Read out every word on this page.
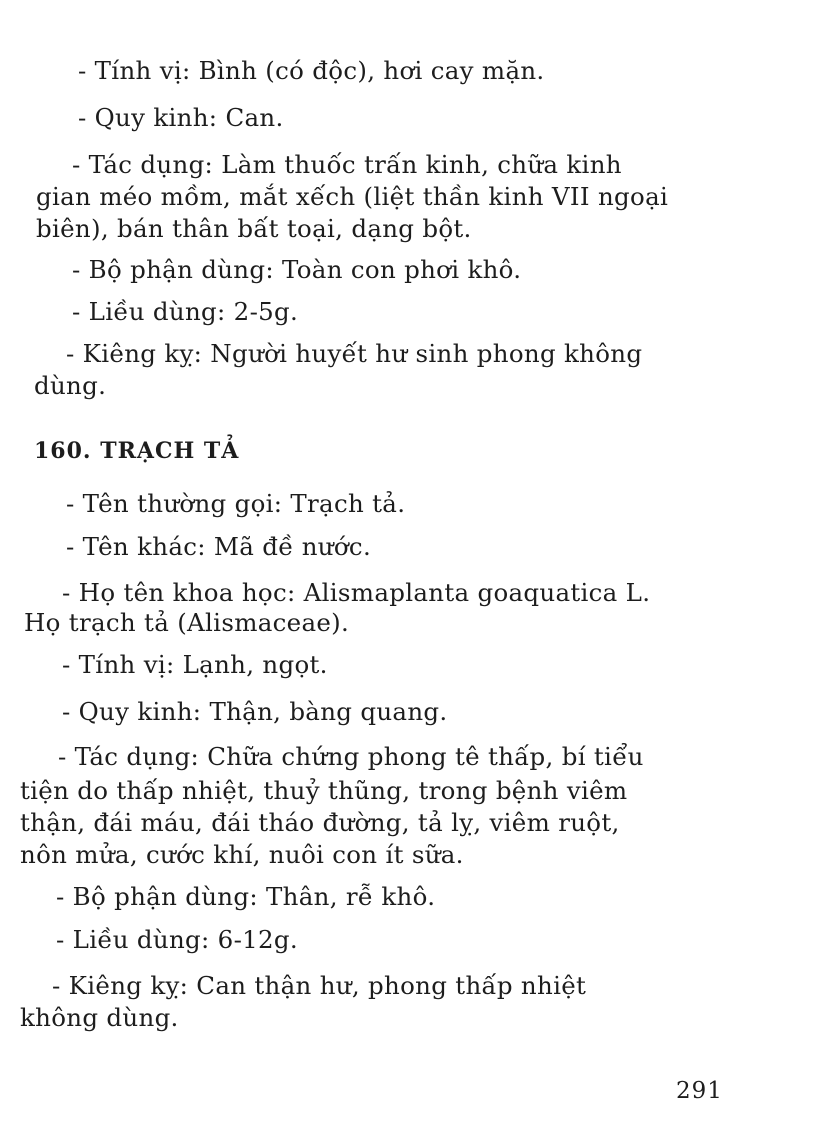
- Tính vị: Bình (có độc), hơi cay mặn.
- Quy kinh: Can.
- Tác dụng: Làm thuốc trấn kinh, chữa kinh
gian méo mồm, mắt xếch (liệt thần kinh VII ngoại
biên), bán thân bất toại, dạng bột.
- Bộ phận dùng: Toàn con phơi khô.
- Liều dùng: 2-5g.
- Kiêng kỵ: Người huyết hư sinh phong không
dùng.
160. TRẠCH TẢ
- Tên thường gọi: Trạch tả.
- Tên khác: Mã đề nước.
- Họ tên khoa học: Alismaplanta goaquatica L.
Họ trạch tả (Alismaceae).
- Tính vị: Lạnh, ngọt.
- Quy kinh: Thận, bàng quang.
- Tác dụng: Chữa chứng phong tê thấp, bí tiểu
tiện do thấp nhiệt, thuỷ thũng, trong bệnh viêm
thận, đái máu, đái tháo đường, tả lỵ, viêm ruột,
nôn mửa, cước khí, nuôi con ít sữa.
- Bộ phận dùng: Thân, rễ khô.
- Liều dùng: 6-12g.
- Kiêng kỵ: Can thận hư, phong thấp nhiệt
không dùng.
291
